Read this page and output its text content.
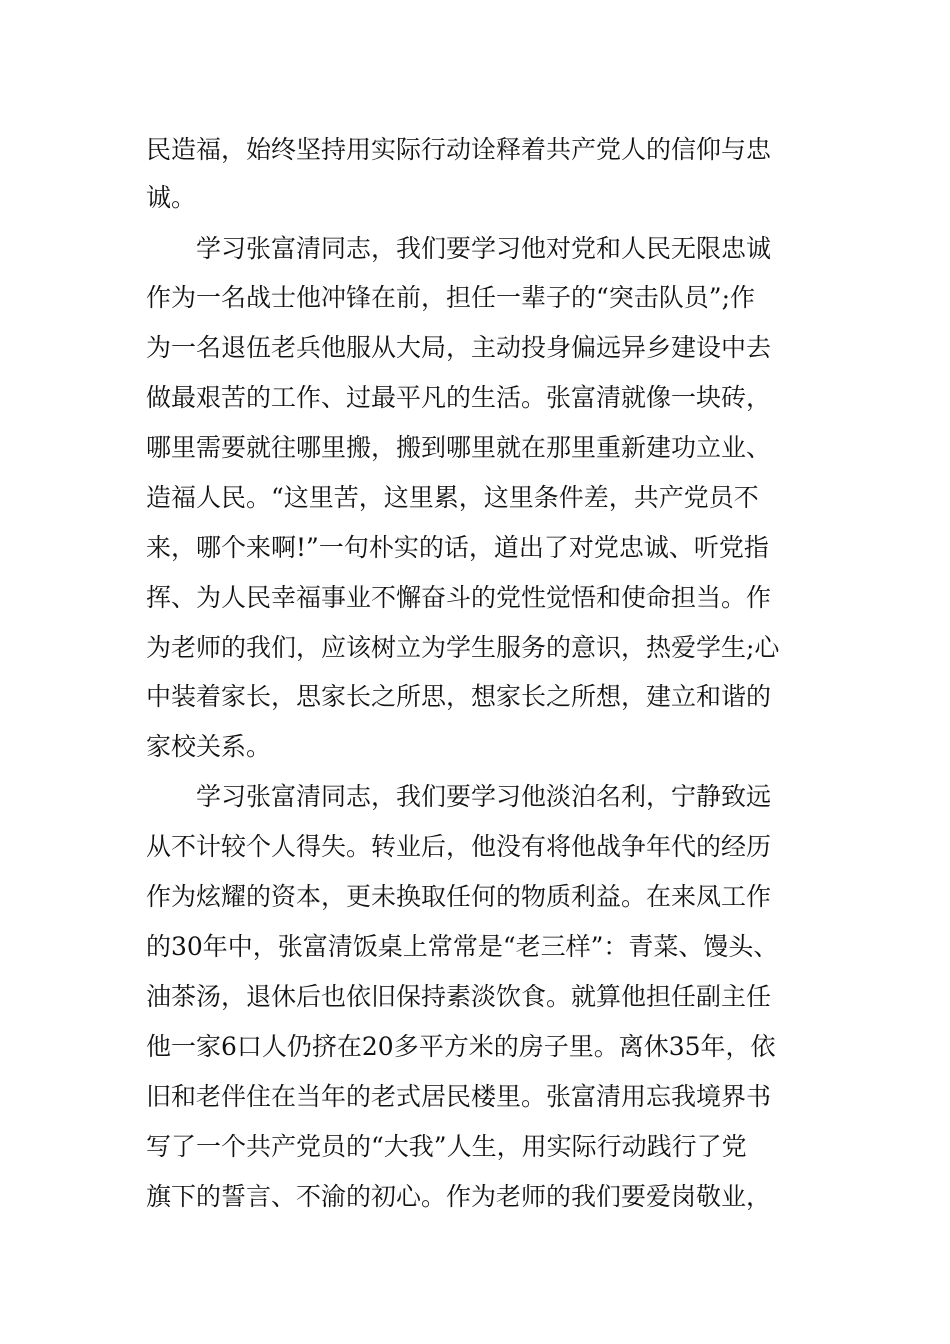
民造福，始终坚持用实际行动诠释着共产党人的信仰与忠
诚。
学习张富清同志，我们要学习他对党和人民无限忠诚
作为一名战士他冲锋在前，担任一辈子的“突击队员”;作
为一名退伍老兵他服从大局，主动投身偏远异乡建设中去
做最艰苦的工作、过最平凡的生活。张富清就像一块砖，
哪里需要就往哪里搬，搬到哪里就在那里重新建功立业、
造福人民。“这里苦，这里累，这里条件差，共产党员不
来，哪个来啊!”一句朴实的话，道出了对党忠诚、听党指
挥、为人民幸福事业不懈奋斗的党性觉悟和使命担当。作
为老师的我们，应该树立为学生服务的意识，热爱学生;心
中装着家长，思家长之所思，想家长之所想，建立和谐的
家校关系。
学习张富清同志，我们要学习他淡泊名利，宁静致远
从不计较个人得失。转业后，他没有将他战争年代的经历
作为炫耀的资本，更未换取任何的物质利益。在来凤工作
的30年中，张富清饭桌上常常是“老三样”：青菜、馒头、
油茶汤，退休后也依旧保持素淡饮食。就算他担任副主任
他一家6口人仍挤在20多平方米的房子里。离休35年，依
旧和老伴住在当年的老式居民楼里。张富清用忘我境界书
写了一个共产党员的“大我”人生，用实际行动践行了党
旗下的誓言、不渝的初心。作为老师的我们要爱岗敬业，
